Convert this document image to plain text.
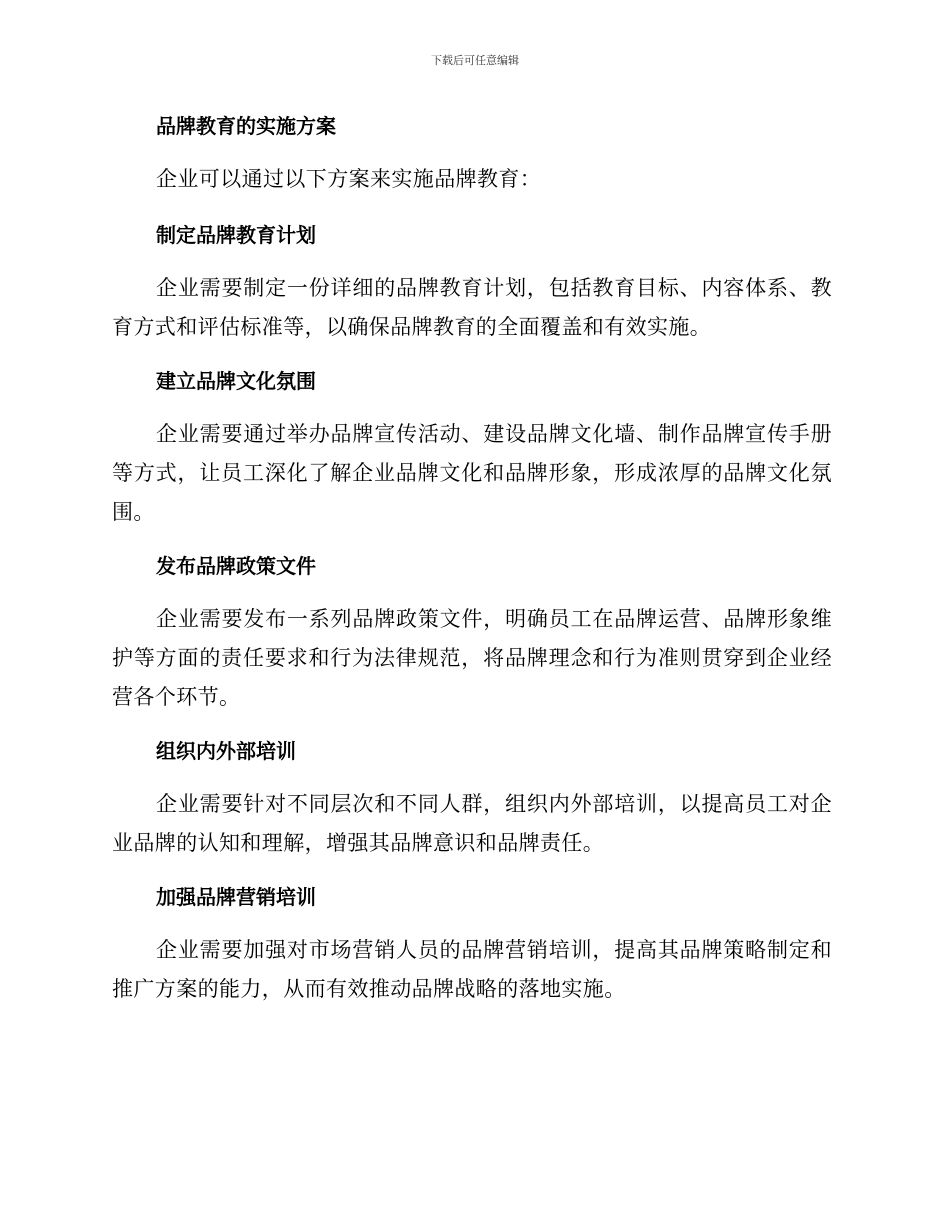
下载后可任意编辑
品牌教育的实施方案

企业可以通过以下方案来实施品牌教育：

制定品牌教育计划

企业需要制定一份详细的品牌教育计划，包括教育目标、内容体系、教育方式和评估标准等，以确保品牌教育的全面覆盖和有效实施。

建立品牌文化氛围

企业需要通过举办品牌宣传活动、建设品牌文化墙、制作品牌宣传手册等方式，让员工深化了解企业品牌文化和品牌形象，形成浓厚的品牌文化氛围。

发布品牌政策文件

企业需要发布一系列品牌政策文件，明确员工在品牌运营、品牌形象维护等方面的责任要求和行为法律规范，将品牌理念和行为准则贯穿到企业经营各个环节。

组织内外部培训

企业需要针对不同层次和不同人群，组织内外部培训，以提高员工对企业品牌的认知和理解，增强其品牌意识和品牌责任。

加强品牌营销培训

企业需要加强对市场营销人员的品牌营销培训，提高其品牌策略制定和推广方案的能力，从而有效推动品牌战略的落地实施。
